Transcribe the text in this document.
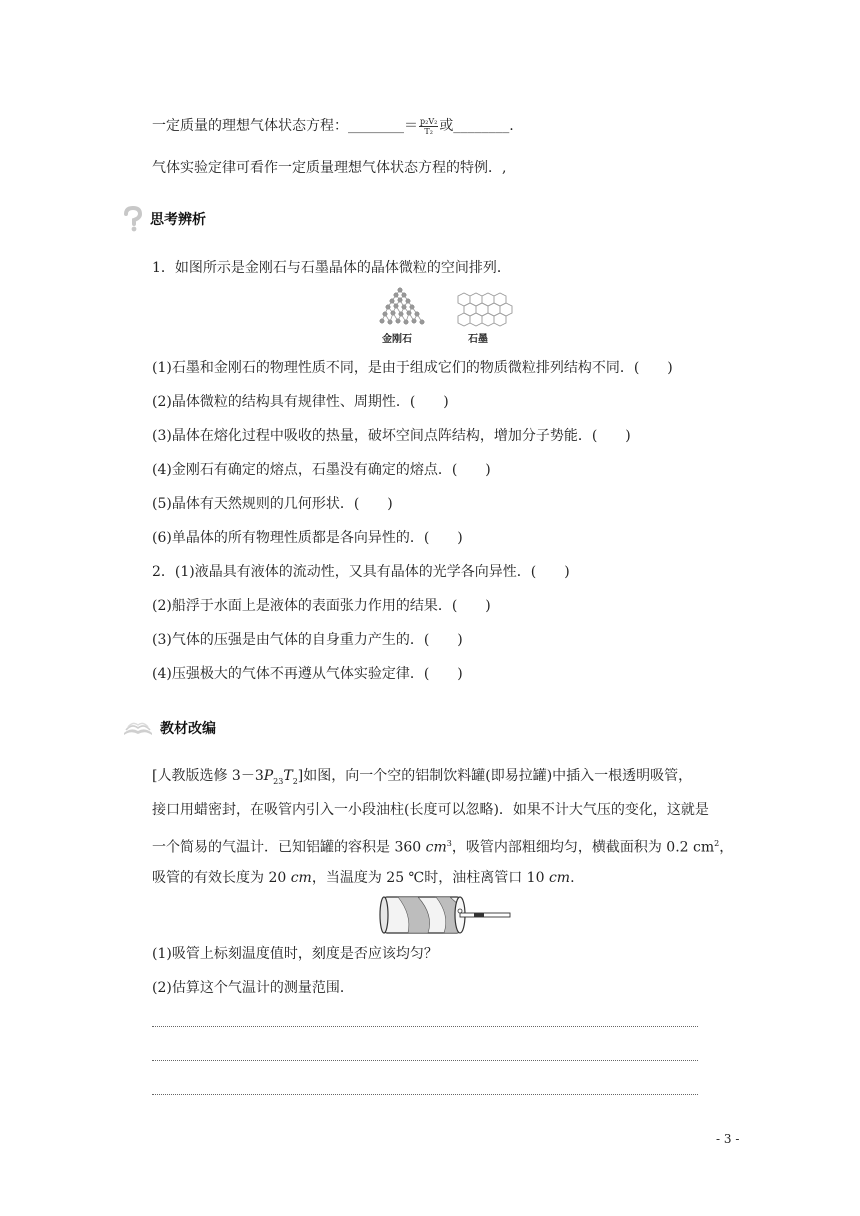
一定质量的理想气体状态方程：________＝ $\frac{\text{p₂V₂}}{\text{T₂}}$ 或________.
气体实验定律可看作一定质量理想气体状态方程的特例．,
思考辨析
1．如图所示是金刚石与石墨晶体的晶体微粒的空间排列．
金刚石	石墨
(1)石墨和金刚石的物理性质不同，是由于组成它们的物质微粒排列结构不同．(　　)
(2)晶体微粒的结构具有规律性、周期性．(　　)
(3)晶体在熔化过程中吸收的热量，破坏空间点阵结构，增加分子势能．(　　)
(4)金刚石有确定的熔点，石墨没有确定的熔点．(　　)
(5)晶体有天然规则的几何形状．(　　)
(6)单晶体的所有物理性质都是各向异性的．(　　)
2．(1)液晶具有液体的流动性，又具有晶体的光学各向异性．(　　)
(2)船浮于水面上是液体的表面张力作用的结果．(　　)
(3)气体的压强是由气体的自身重力产生的．(　　)
(4)压强极大的气体不再遵从气体实验定律．(　　)
教材改编
[人教版选修 $3-3P_{23}T_2$]如图，向一个空的铝制饮料罐(即易拉罐)中插入一根透明吸管，
接口用蜡密封，在吸管内引入一小段油柱(长度可以忽略)．如果不计大气压的变化，这就是
一个简易的气温计．已知铝罐的容积是 360 $cm^3$，吸管内部粗细均匀，横截面积为 0.2 $cm^2$，
吸管的有效长度为 20 cm，当温度为 25 ℃时，油柱离管口 10 cm.
(1)吸管上标刻温度值时，刻度是否应该均匀？
(2)估算这个气温计的测量范围．
- 3 -
